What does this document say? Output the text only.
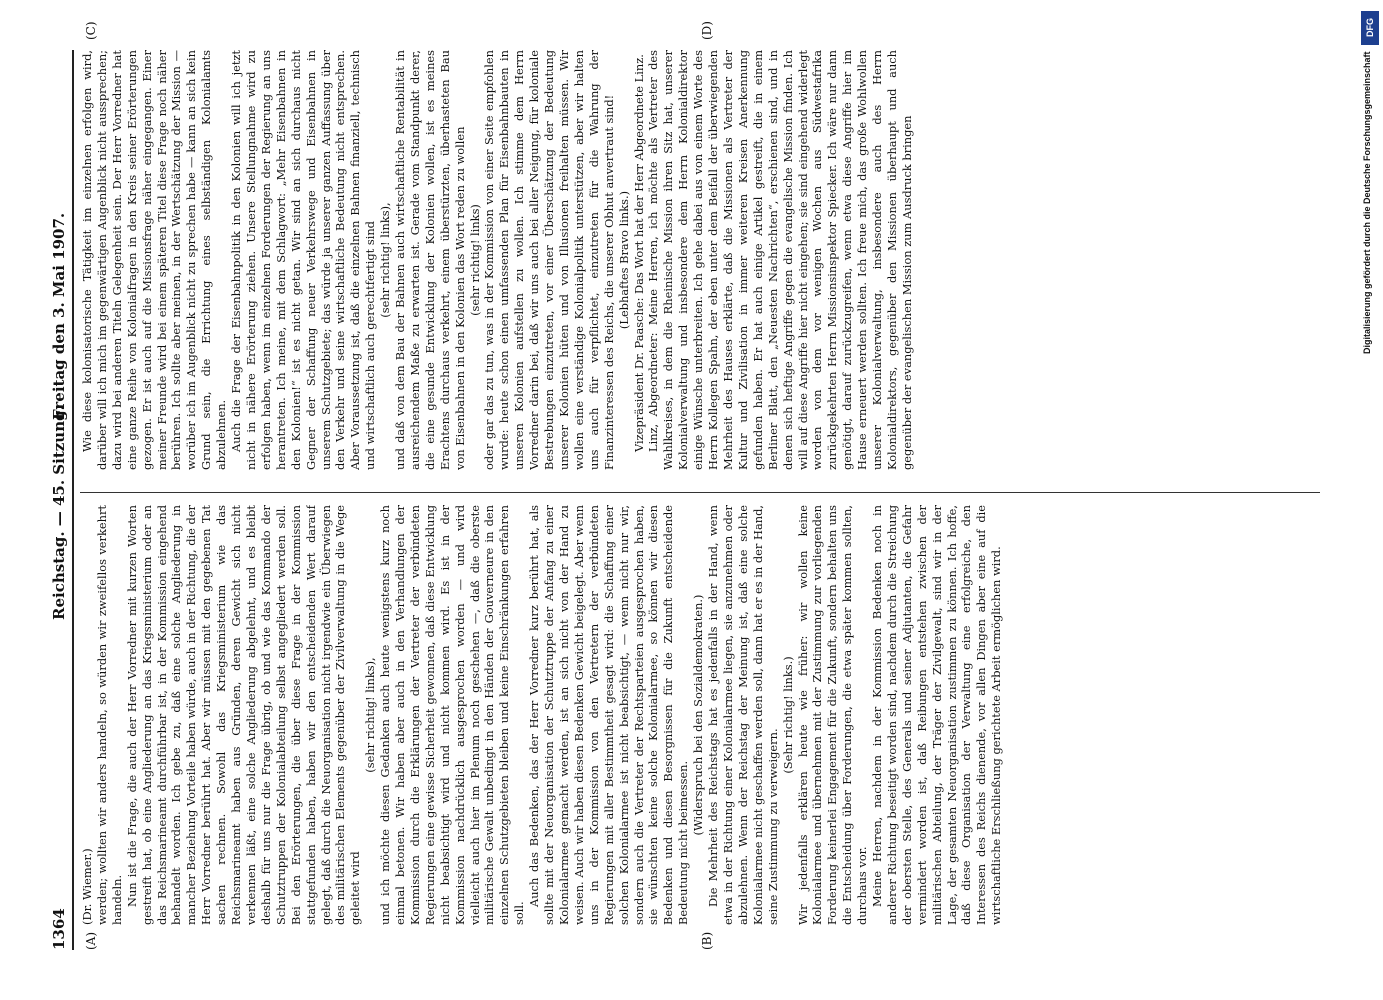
1364
Reichstag. — 45. Sitzung.
Freitag den 3. Mai 1907.
(A)	(B)
(C)	(D)

(Dr. Wiemer.) werden; wollten wir anders handeln, so würden wir zweifellos verkehrt handeln. Nun ist die Frage, die auch der Herr Vorredner mit kurzen Worten gestreift hat, ob eine Angliederung an das Kriegsministerium oder an das Reichsmarineamt durchführbar ist, in der Kommission eingehend behandelt worden. Ich gebe zu, daß eine solche Angliederung in mancher Beziehung Vorteile haben würde, auch in der Richtung, die der Herr Vorredner berührt hat. Aber wir müssen mit den gegebenen Tat sachen rechnen. Sowohl das Kriegsministerium wie das Reichsmarineamt haben aus Gründen, deren Gewicht sich nicht verkennen läßt, eine solche Angliederung abgelehnt, und es bleibt deshalb für uns nur die Frage übrig, ob und wie das Kommando der Schutztruppen der Kolonialabteilung selbst angegliedert werden soll. Bei den Erörterungen, die über diese Frage in der Kommission stattgefunden haben, haben wir den entscheidenden Wert darauf gelegt, daß durch die Neuorganisation nicht irgendwie ein Überwiegen des militärischen Elements gegenüber der Zivilverwaltung in die Wege geleitet wird

(sehr richtig! links), und ich möchte diesen Gedanken auch heute wenigstens kurz noch einmal betonen. Wir haben aber auch in den Verhandlungen der Kommission durch die Erklärungen der Vertreter der verbündeten Regierungen eine gewisse Sicherheit gewonnen, daß diese Entwicklung nicht beabsichtigt wird und nicht kommen wird. Es ist in der Kommission nachdrücklich ausgesprochen worden — und wird vielleicht auch hier im Plenum noch geschehen —, daß die oberste militärische Gewalt unbedingt in den Händen der Gouverneure in den einzelnen Schutzgebieten bleiben und keine Einschränkungen erfahren soll.

Auch das Bedenken, das der Herr Vorredner kurz berührt hat, als sollte mit der Neuorganisation der Schutztruppe der Anfang zu einer Kolonialarmee gemacht werden, ist an sich nicht von der Hand zu weisen. Auch wir haben diesen Bedenken Gewicht beigelegt. Aber wenn uns in der Kommission von den Vertretern der verbündeten Regierungen mit aller Bestimmtheit gesagt wird: die Schaffung einer solchen Kolonialarmee ist nicht beabsichtigt, — wenn nicht nur wir, sondern auch die Vertreter der Rechtsparteien ausgesprochen haben, sie wünschten keine solche Kolonialarmee, so können wir diesen Bedenken und diesen Besorgnissen für die Zukunft entscheidende Bedeutung nicht beimessen.

(Widerspruch bei den Sozialdemokraten.) Die Mehrheit des Reichstags hat es jedenfalls in der Hand, wenn etwa in der Richtung einer Kolonialarmee liegen, sie anzunehmen oder abzulehnen. Wenn der Reichstag der Meinung ist, daß eine solche Kolonialarmee nicht geschaffen werden soll, dann hat er es in der Hand, seine Zustimmung zu verweigern.

(Sehr richtig! links.) Wir jedenfalls erklären heute wie früher: wir wollen keine Kolonialarmee und übernehmen mit der Zustimmung zur vorliegenden Forderung keinerlei Engagement für die Zukunft, sondern behalten uns die Entscheidung über Forderungen, die etwa später kommen sollten, durchaus vor. Meine Herren, nachdem in der Kommission Bedenken noch in anderer Richtung beseitigt worden sind, nachdem durch die Streichung der obersten Stelle, des Generals und seiner Adjutanten, die Gefahr vermindert worden ist, daß Reibungen entstehen zwischen der militärischen Abteilung, der Träger der Zivilgewalt, sind wir in der Lage, der gesamten Neuorganisation zustimmen zu können. Ich hoffe, daß diese Organisation der Verwaltung eine erfolgreiche, den Interessen des Reichs dienende, vor allen Dingen aber eine auf die wirtschaftliche Erschließung gerichtete Arbeit ermöglichen wird.

Wie diese kolonisatorische Tätigkeit im einzelnen erfolgen wird, darüber will ich mich im gegenwärtigen Augenblick nicht aussprechen; dazu wird bei anderen Titeln Gelegenheit sein. Der Herr Vorredner hat eine ganze Reihe von Kolonialfragen in den Kreis seiner Erörterungen gezogen. Er ist auch auf die Missionsfrage näher eingegangen. Einer meiner Freunde wird bei einem späteren Titel diese Frage noch näher berühren. Ich sollte aber meinen, in der Wertschätzung der Mission — worüber ich im Augenblick nicht zu sprechen habe — kann an sich kein Grund sein, die Errichtung eines selbständigen Kolonialamts abzulehnen. Auch die Frage der Eisenbahnpolitik in den Kolonien will ich jetzt nicht in nähere Erörterung ziehen. Unsere Stellungnahme wird zu erfolgen haben, wenn im einzelnen Forderungen der Regierung an uns herantreten. Ich meine, mit dem Schlagwort: „Mehr Eisenbahnen in den Kolonien!“ ist es nicht getan. Wir sind an sich durchaus nicht Gegner der Schaffung neuer Verkehrswege und Eisenbahnen in unserem Schutzgebiete; das würde ja unserer ganzen Auffassung über den Verkehr und seine wirtschaftliche Bedeutung nicht entsprechen. Aber Voraussetzung ist, daß die einzelnen Bahnen finanziell, technisch und wirtschaftlich auch gerechtfertigt sind (sehr richtig! links), und daß von dem Bau der Bahnen auch wirtschaftliche Rentabilität in ausreichendem Maße zu erwarten ist. Gerade vom Standpunkt derer, die eine gesunde Entwicklung der Kolonien wollen, ist es meines Erachtens durchaus verkehrt, einem überstürzten, überhasteten Bau von Eisenbahnen in den Kolonien das Wort reden zu wollen (sehr richtig! links) oder gar das zu tun, was in der Kommission von einer Seite empfohlen wurde: heute schon einen umfassenden Plan für Eisenbahnbauten in unseren Kolonien aufstellen zu wollen. Ich stimme dem Herrn Vorredner darin bei, daß wir uns auch bei aller Neigung, für koloniale Bestrebungen einzutreten, vor einer Überschätzung der Bedeutung unserer Kolonien hüten und von Illusionen freihalten müssen. Wir wollen eine verständige Kolonialpolitik unterstützen, aber wir halten uns auch für verpflichtet, einzutreten für die Wahrung der Finanzinteressen des Reichs, die unserer Obhut anvertraut sind! (Lebhaftes Bravo links.) Vizepräsident Dr. Paasche: Das Wort hat der Herr Abgeordnete Linz. Linz, Abgeordneter: Meine Herren, ich möchte als Vertreter des Wahlkreises, in dem die Rheinische Mission ihren Sitz hat, unserer Kolonialverwaltung und insbesondere dem Herrn Kolonialdirektor einige Wünsche unterbreiten. Ich gehe dabei aus von einem Worte des Herrn Kollegen Spahn, der eben unter dem Beifall der überwiegenden Mehrheit des Hauses erklärte, daß die Missionen als Vertreter der Kultur und Zivilisation in immer weiteren Kreisen Anerkennung gefunden haben. Er hat auch einige Artikel gestreift, die in einem Berliner Blatt, den „Neuesten Nachrichten“, erschienen sind, und in denen sich heftige Angriffe gegen die evangelische Mission finden. Ich will auf diese Angriffe hier nicht eingehen; sie sind eingehend widerlegt worden von dem vor wenigen Wochen aus Südwestafrika zurückgekehrten Herrn Missionsinspektor Spiecker. Ich wäre nur dann genötigt, darauf zurückzugreifen, wenn etwa diese Angriffe hier im Hause erneuert werden sollten. Ich freue mich, das große Wohlwollen unserer Kolonialverwaltung, insbesondere auch des Herrn Kolonialdirektors, gegenüber den Missionen überhaupt und auch gegenüber der evangelischen Mission zum Ausdruck bringen

DFG
Digitalisierung gefördert durch die Deutsche Forschungsgemeinschaft
